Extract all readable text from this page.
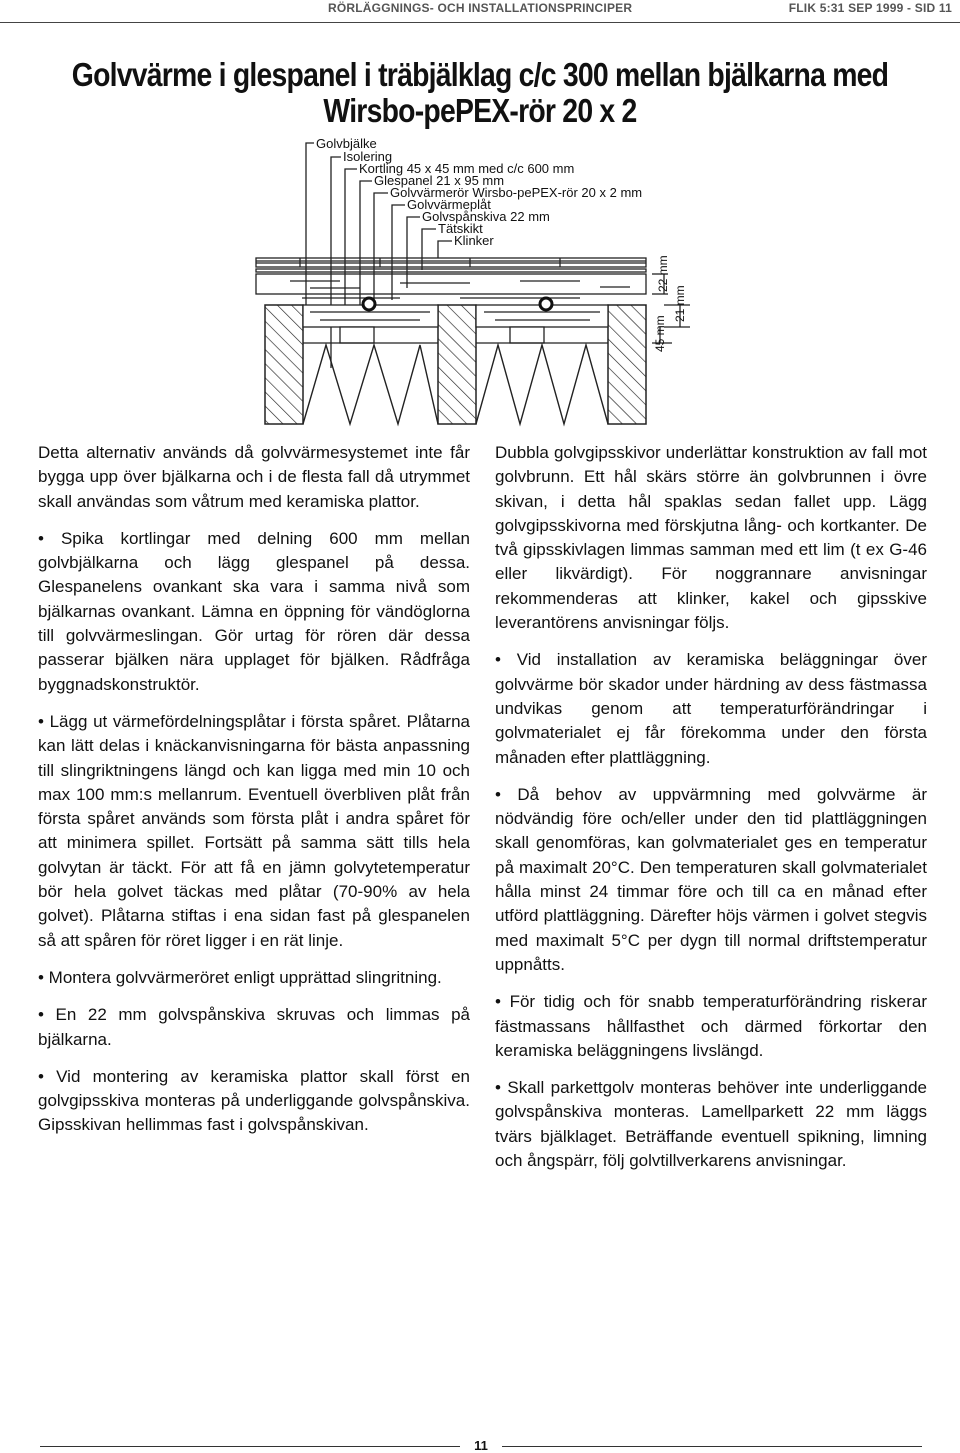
RÖRLÄGGNINGS- OCH INSTALLATIONSPRINCIPER	FLIK 5:31 SEP 1999 - SID 11
Golvvärme i glespanel i träbjälklag c/c 300 mellan bjälkarna med
Wirsbo-pePEX-rör 20 x 2
Golvbjälke
Isolering
Kortling 45 x 45 mm med c/c 600 mm
Glespanel 21 x 95 mm
Golvvärmerör Wirsbo-pePEX-rör 20 x 2 mm
Golvvärmeplåt
Golvspånskiva 22 mm
Tätskikt
Klinker
22 mm
21 mm
45 mm

Detta alternativ används då golvvärmesystemet inte får bygga upp över bjälkarna och i de flesta fall då utrymmet skall användas som våtrum med keramiska plattor.

• Spika kortlingar med delning 600 mm mellan golvbjälkarna och lägg glespanel på dessa. Glespanelens ovankant ska vara i samma nivå som bjälkarnas ovankant. Lämna en öppning för vändöglorna till golvvärmeslingan. Gör urtag för rören där dessa passerar bjälken nära upplaget för bjälken. Rådfråga byggnadskonstruktör.

• Lägg ut värmefördelningsplåtar i första spåret. Plåtarna kan lätt delas i knäckanvisningarna för bästa anpassning till slingriktningens längd och kan ligga med min 10 och max 100 mm:s mellanrum. Eventuell överbliven plåt från första spåret används som första plåt i andra spåret för att minimera spillet. Fortsätt på samma sätt tills hela golvytan är täckt. För att få en jämn golvytetemperatur bör hela golvet täckas med plåtar (70-90% av hela golvet). Plåtarna stiftas i ena sidan fast på glespanelen så att spåren för röret ligger i en rät linje.

• Montera golvvärmeröret enligt upprättad slingritning.

• En 22 mm golvspånskiva skruvas och limmas på bjälkarna.

• Vid montering av keramiska plattor skall först en golvgipsskiva monteras på underliggande golvspånskiva. Gipsskivan hellimmas fast i golvspånskivan.

Dubbla golvgipsskivor underlättar konstruktion av fall mot golvbrunn. Ett hål skärs större än golvbrunnen i övre skivan, i detta hål spaklas sedan fallet upp. Lägg golvgipsskivorna med förskjutna lång- och kortkanter. De två gipsskivlagen limmas samman med ett lim (t ex G-46 eller likvärdigt). För noggrannare anvisningar rekommenderas att klinker, kakel och gipsskive leverantörens anvisningar följs.

• Vid installation av keramiska beläggningar över golvvärme bör skador under härdning av dess fästmassa undvikas genom att temperaturförändringar i golvmaterialet ej får förekomma under den första månaden efter plattläggning.

• Då behov av uppvärmning med golvvärme är nödvändig före och/eller under den tid plattläggningen skall genomföras, kan golvmaterialet ges en temperatur på maximalt 20°C. Den temperaturen skall golvmaterialet hålla minst 24 timmar före och till ca en månad efter utförd plattläggning. Därefter höjs värmen i golvet stegvis med maximalt 5°C per dygn till normal driftstemperatur uppnåtts.

• För tidig och för snabb temperaturförändring riskerar fästmassans hållfasthet och därmed förkortar den keramiska beläggningens livslängd.

• Skall parkettgolv monteras behöver inte underliggande golvspånskiva monteras. Lamellparkett 22 mm läggs tvärs bjälklaget. Beträffande eventuell spikning, limning och ångspärr, följ golvtillverkarens anvisningar.

11
